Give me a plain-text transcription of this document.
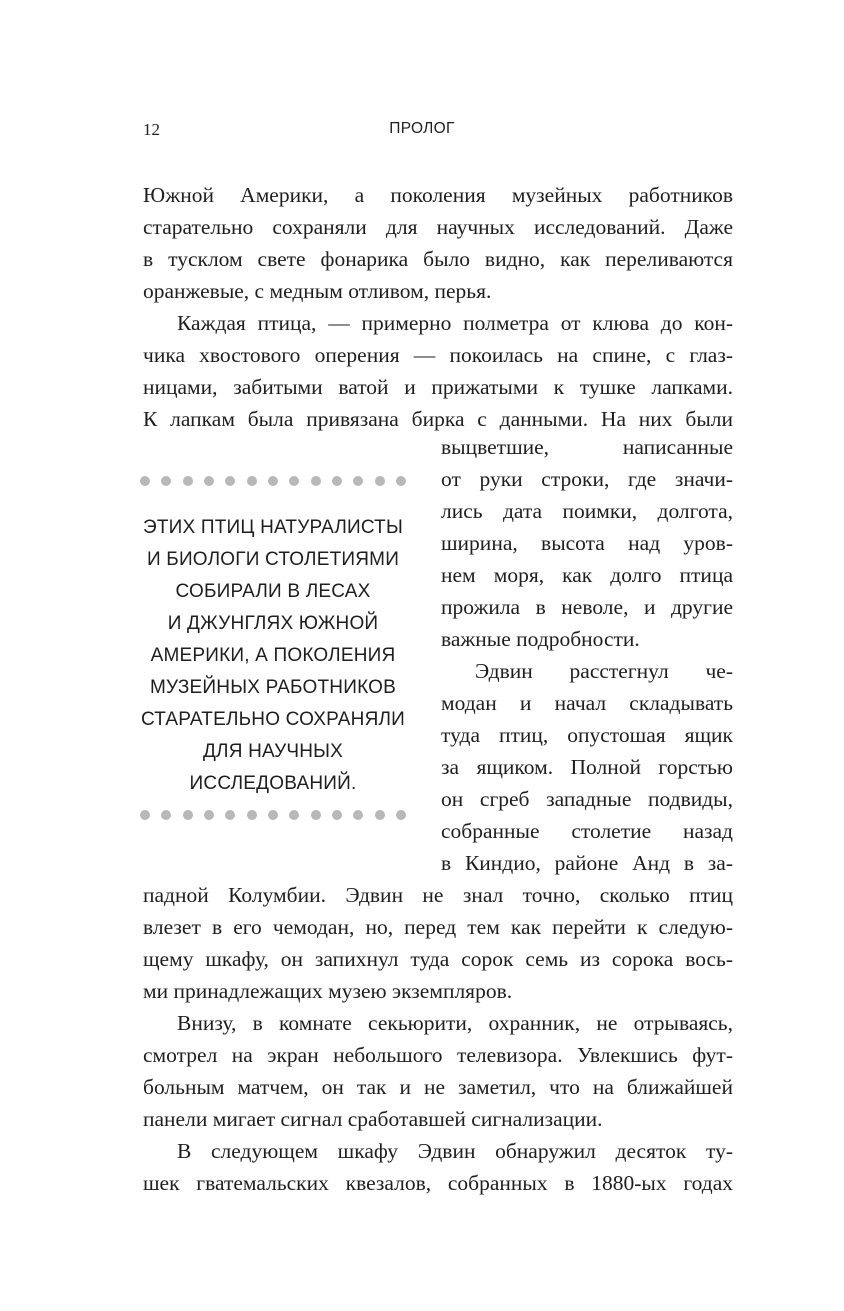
12	ПРОЛОГ
Южной Америки, а поколения музейных работников
старательно сохраняли для научных исследований. Даже
в тусклом свете фонарика было видно, как переливаются
оранжевые, с медным отливом, перья.
Каждая птица, — примерно полметра от клюва до кон-
чика хвостового оперения — покоилась на спине, с глаз-
ницами, забитыми ватой и прижатыми к тушке лапками.
К лапкам была привязана бирка с данными. На них были
выцветшие, написанные
от руки строки, где значи-
лись дата поимки, долгота,
ширина, высота над уров-
нем моря, как долго птица
прожила в неволе, и другие
важные подробности.
Эдвин расстегнул че-
модан и начал складывать
туда птиц, опустошая ящик
за ящиком. Полной горстью
он сгреб западные подвиды,
собранные столетие назад
в Киндио, районе Анд в за-
падной Колумбии. Эдвин не знал точно, сколько птиц
влезет в его чемодан, но, перед тем как перейти к следую-
щему шкафу, он запихнул туда сорок семь из сорока вось-
ми принадлежащих музею экземпляров.
Внизу, в комнате секьюрити, охранник, не отрываясь,
смотрел на экран небольшого телевизора. Увлекшись фут-
больным матчем, он так и не заметил, что на ближайшей
панели мигает сигнал сработавшей сигнализации.
В следующем шкафу Эдвин обнаружил десяток ту-
шек гватемальских квезалов, собранных в 1880-ых годах
ЭТИХ ПТИЦ НАТУРАЛИСТЫ
И БИОЛОГИ СТОЛЕТИЯМИ
СОБИРАЛИ В ЛЕСАХ
И ДЖУНГЛЯХ ЮЖНОЙ
АМЕРИКИ, А ПОКОЛЕНИЯ
МУЗЕЙНЫХ РАБОТНИКОВ
СТАРАТЕЛЬНО СОХРАНЯЛИ
ДЛЯ НАУЧНЫХ
ИССЛЕДОВАНИЙ.
